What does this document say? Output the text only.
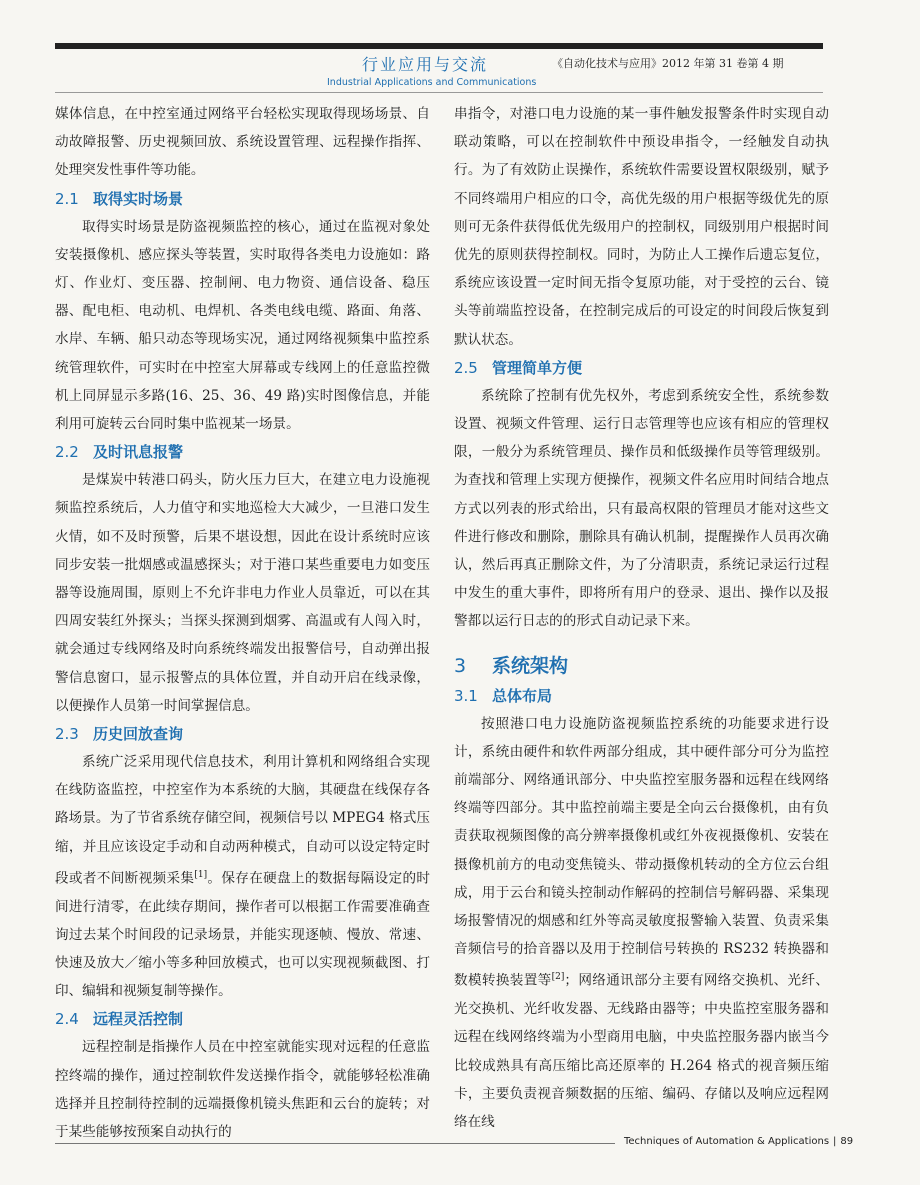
行业应用与交流
Industrial Applications and Communications
《自动化技术与应用》2012 年第 31 卷第 4 期

媒体信息，在中控室通过网络平台轻松实现取得现场场景、自动故障报警、历史视频回放、系统设置管理、远程操作指挥、处理突发性事件等功能。

2.1 取得实时场景

取得实时场景是防盗视频监控的核心，通过在监视对象处安装摄像机、感应探头等装置，实时取得各类电力设施如：路灯、作业灯、变压器、控制闸、电力物资、通信设备、稳压器、配电柜、电动机、电焊机、各类电线电缆、路面、角落、水岸、车辆、船只动态等现场实况，通过网络视频集中监控系统管理软件，可实时在中控室大屏幕或专线网上的任意监控微机上同屏显示多路(16、25、36、49 路)实时图像信息，并能利用可旋转云台同时集中监视某一场景。

2.2 及时讯息报警

是煤炭中转港口码头，防火压力巨大，在建立电力设施视频监控系统后，人力值守和实地巡检大大减少，一旦港口发生火情，如不及时预警，后果不堪设想，因此在设计系统时应该同步安装一批烟感或温感探头；对于港口某些重要电力如变压器等设施周围，原则上不允许非电力作业人员靠近，可以在其四周安装红外探头；当探头探测到烟雾、高温或有人闯入时，就会通过专线网络及时向系统终端发出报警信号，自动弹出报警信息窗口，显示报警点的具体位置，并自动开启在线录像，以便操作人员第一时间掌握信息。

2.3 历史回放查询

系统广泛采用现代信息技术，利用计算机和网络组合实现在线防盗监控，中控室作为本系统的大脑，其硬盘在线保存各路场景。为了节省系统存储空间，视频信号以 MPEG4 格式压缩，并且应该设定手动和自动两种模式，自动可以设定特定时段或者不间断视频采集[1]。保存在硬盘上的数据每隔设定的时间进行清零，在此续存期间，操作者可以根据工作需要准确查询过去某个时间段的记录场景，并能实现逐帧、慢放、常速、快速及放大／缩小等多种回放模式，也可以实现视频截图、打印、编辑和视频复制等操作。

2.4 远程灵活控制

远程控制是指操作人员在中控室就能实现对远程的任意监控终端的操作，通过控制软件发送操作指令，就能够轻松准确选择并且控制待控制的远端摄像机镜头焦距和云台的旋转；对于某些能够按预案自动执行的

串指令，对港口电力设施的某一事件触发报警条件时实现自动联动策略，可以在控制软件中预设串指令，一经触发自动执行。为了有效防止误操作，系统软件需要设置权限级别，赋予不同终端用户相应的口令，高优先级的用户根据等级优先的原则可无条件获得低优先级用户的控制权，同级别用户根据时间优先的原则获得控制权。同时，为防止人工操作后遗忘复位，系统应该设置一定时间无指令复原功能，对于受控的云台、镜头等前端监控设备，在控制完成后的可设定的时间段后恢复到默认状态。

2.5 管理简单方便

系统除了控制有优先权外，考虑到系统安全性，系统参数设置、视频文件管理、运行日志管理等也应该有相应的管理权限，一般分为系统管理员、操作员和低级操作员等管理级别。为查找和管理上实现方便操作，视频文件名应用时间结合地点方式以列表的形式给出，只有最高权限的管理员才能对这些文件进行修改和删除，删除具有确认机制，提醒操作人员再次确认，然后再真正删除文件，为了分清职责，系统记录运行过程中发生的重大事件，即将所有用户的登录、退出、操作以及报警都以运行日志的的形式自动记录下来。

3 系统架构
3.1 总体布局

按照港口电力设施防盗视频监控系统的功能要求进行设计，系统由硬件和软件两部分组成，其中硬件部分可分为监控前端部分、网络通讯部分、中央监控室服务器和远程在线网络终端等四部分。其中监控前端主要是全向云台摄像机，由有负责获取视频图像的高分辨率摄像机或红外夜视摄像机、安装在摄像机前方的电动变焦镜头、带动摄像机转动的全方位云台组成，用于云台和镜头控制动作解码的控制信号解码器、采集现场报警情况的烟感和红外等高灵敏度报警输入装置、负责采集音频信号的拾音器以及用于控制信号转换的 RS232 转换器和数模转换装置等[2]；网络通讯部分主要有网络交换机、光纤、光交换机、光纤收发器、无线路由器等；中央监控室服务器和远程在线网络终端为小型商用电脑，中央监控服务器内嵌当今比较成熟具有高压缩比高还原率的 H.264 格式的视音频压缩卡，主要负责视音频数据的压缩、编码、存储以及响应远程网络在线

Techniques of Automation & Applications | 89
